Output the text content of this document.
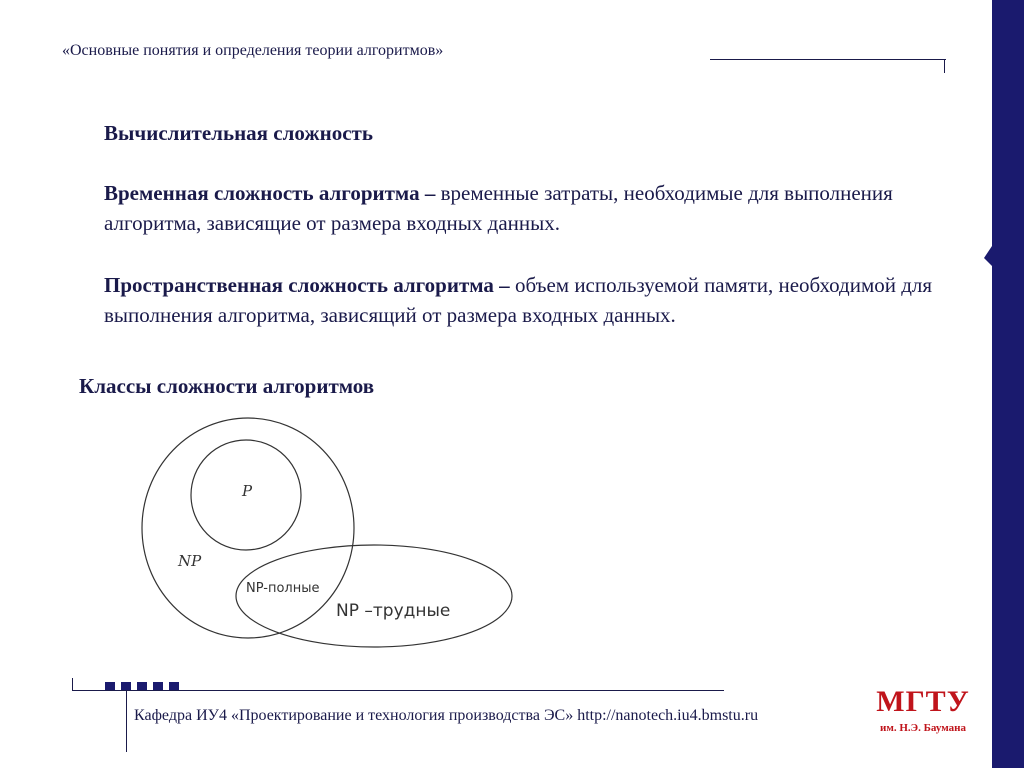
«Основные понятия и определения теории алгоритмов»
Вычислительная сложность
Временная сложность алгоритма – временные затраты, необходимые для выполнения алгоритма, зависящие от размера входных данных.
Пространственная сложность алгоритма – объем используемой памяти, необходимой для выполнения алгоритма, зависящий от размера входных данных.
Классы сложности алгоритмов
P
NP
NP-полные
NP –трудные
Кафедра ИУ4 «Проектирование и технология производства ЭС» http://nanotech.iu4.bmstu.ru	МГТУ
им. Н.Э. Баумана
